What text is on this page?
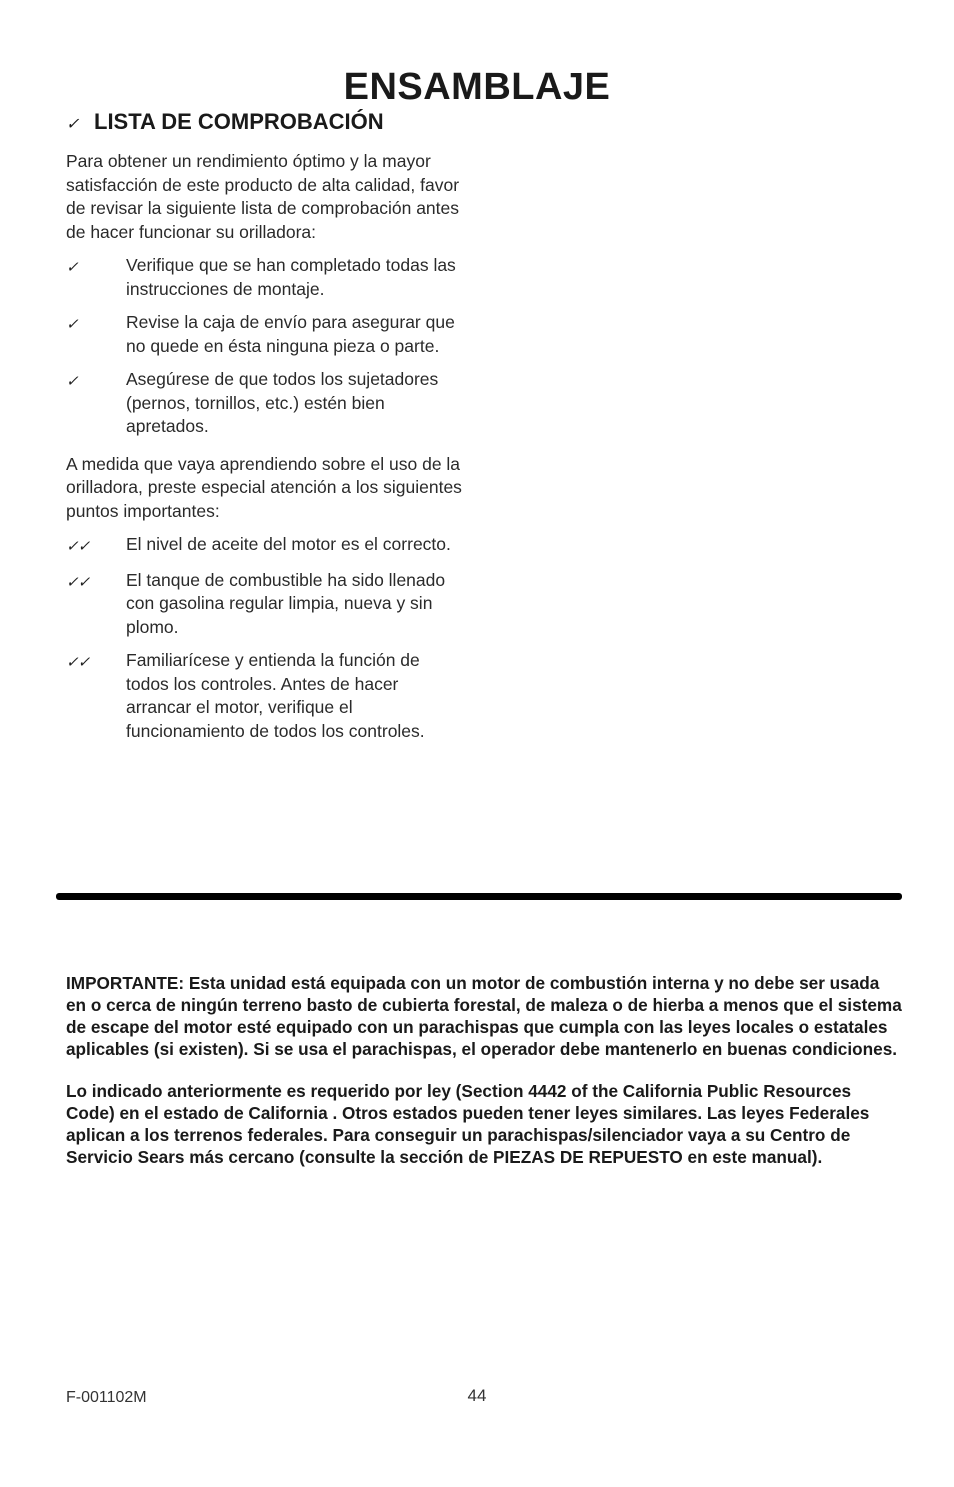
ENSAMBLAJE
✓ LISTA DE COMPROBACIÓN

Para obtener un rendimiento óptimo y la mayor satisfacción de este producto de alta calidad, favor de revisar la siguiente lista de comprobación antes de hacer funcionar su orilladora:

✓	Verifique que se han completado todas las instrucciones de montaje.
✓	Revise la caja de envío para asegurar que no quede en ésta ninguna pieza o parte.
✓	Asegúrese de que todos los sujetadores (pernos, tornillos, etc.) estén bien apretados.

A medida que vaya aprendiendo sobre el uso de la orilladora, preste especial atención a los siguientes puntos importantes:

✓✓	El nivel de aceite del motor es el correcto.
✓✓	El tanque de combustible ha sido llenado con gasolina regular limpia, nueva y sin plomo.
✓✓	Familiarícese y entienda la función de todos los controles. Antes de hacer arrancar el motor, verifique el funcionamiento de todos los controles.

IMPORTANTE: Esta unidad está equipada con un motor de combustión interna y no debe ser usada en o cerca de ningún terreno basto de cubierta forestal, de maleza o de hierba a menos que el sistema de escape del motor esté equipado con un parachispas que cumpla con las leyes locales o estatales aplicables (si existen). Si se usa el parachispas, el operador debe mantenerlo en buenas condiciones.

Lo indicado anteriormente es requerido por ley (Section 4442 of the California Public Resources Code) en el estado de California . Otros estados pueden tener leyes similares. Las leyes Federales aplican a los terrenos federales. Para conseguir un parachispas/silenciador vaya a su Centro de Servicio Sears más cercano (consulte la sección de PIEZAS DE REPUESTO en este manual).

F-001102M	44
